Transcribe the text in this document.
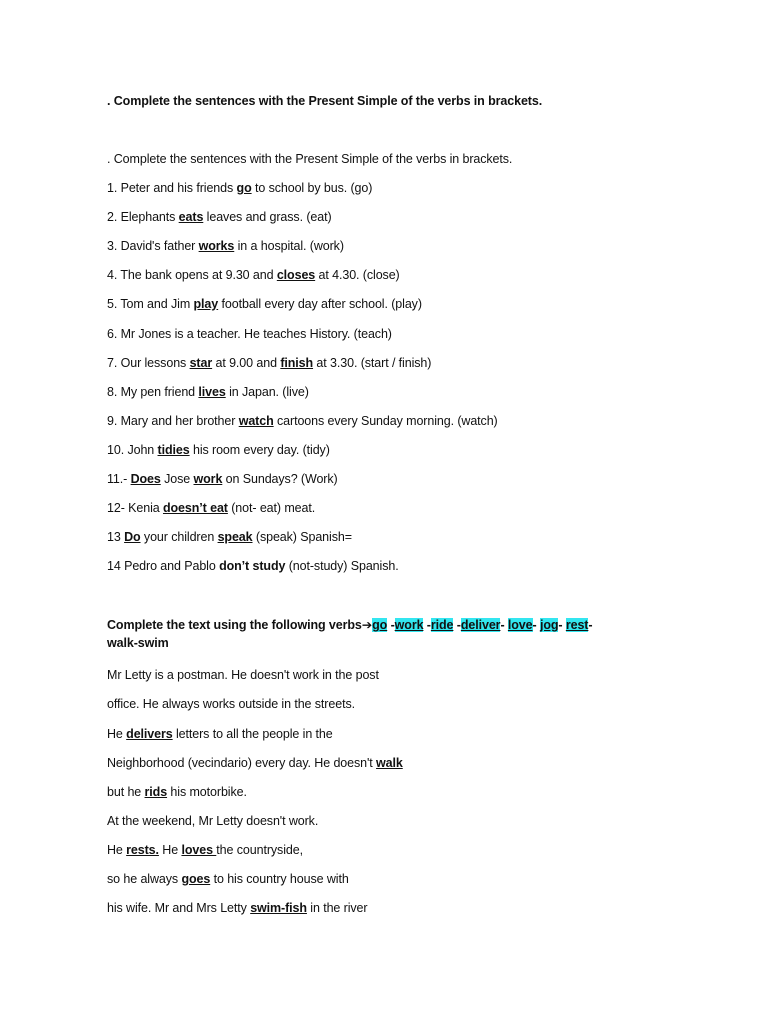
. Complete the sentences with the Present Simple of the verbs in brackets.

. Complete the sentences with the Present Simple of the verbs in brackets.

1. Peter and his friends go to school by bus. (go)

2. Elephants eats leaves and grass. (eat)

3. David's father works in a hospital. (work)

4. The bank opens at 9.30 and closes at 4.30. (close)

5. Tom and Jim play football every day after school. (play)

6. Mr Jones is a teacher. He teaches History. (teach)

7. Our lessons star at 9.00 and finish at 3.30. (start / finish)

8. My pen friend lives in Japan. (live)

9. Mary and her brother watch cartoons every Sunday morning. (watch)

10. John tidies his room every day. (tidy)

11.- Does Jose work on Sundays? (Work)

12- Kenia doesn’t eat (not- eat) meat.

13 Do your children speak (speak) Spanish=

14 Pedro and Pablo don’t study (not-study) Spanish.

Complete the text using the following verbs➔go -work -ride -deliver- love- jog- rest-
walk-swim

Mr Letty is a postman. He doesn't work in the post

office. He always works outside in the streets.

He delivers letters to all the people in the

Neighborhood (vecindario) every day. He doesn't walk

but he rids his motorbike.

At the weekend, Mr Letty doesn't work.

He rests. He loves the countryside,

so he always goes to his country house with

his wife. Mr and Mrs Letty swim-fish in the river
